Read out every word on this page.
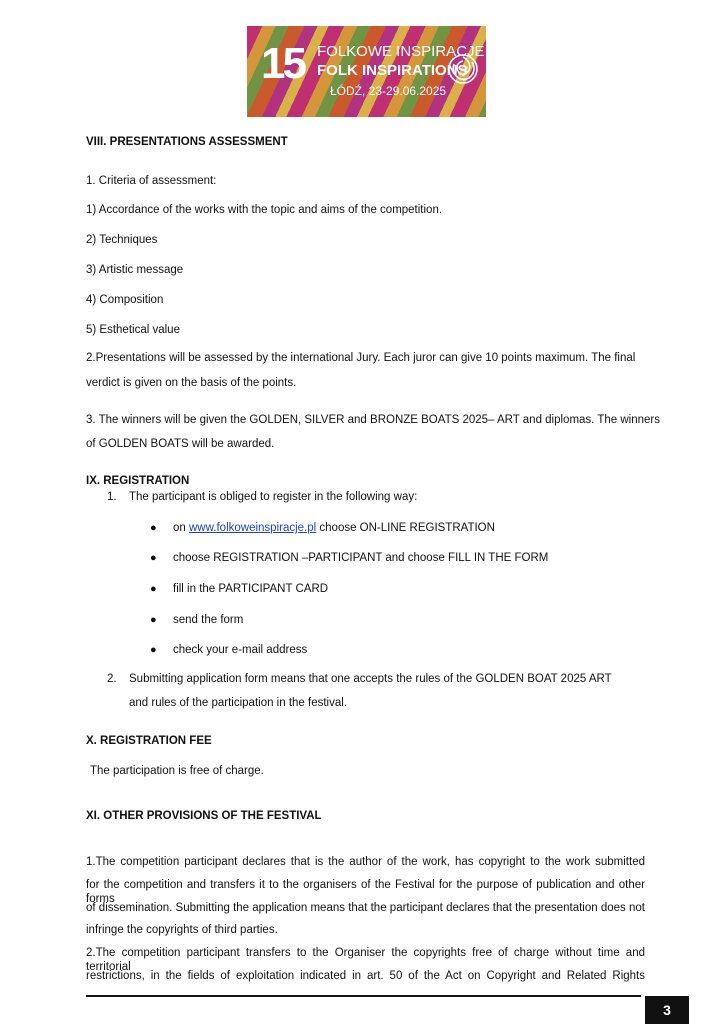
15 FOLKOWE INSPIRACJE
FOLK INSPIRATIONS
ŁÓDŹ, 23-29.06.2025
VIII. PRESENTATIONS ASSESSMENT
1. Criteria of assessment:
1) Accordance of the works with the topic and aims of the competition.
2) Techniques
3) Artistic message
4) Composition
5) Esthetical value
2.Presentations will be assessed by the international Jury. Each juror can give 10 points maximum. The final
verdict is given on the basis of the points.
3. The winners will be given the GOLDEN, SILVER and BRONZE BOATS 2025– ART and diplomas. The winners
of GOLDEN BOATS will be awarded.
IX. REGISTRATION
1. The participant is obliged to register in the following way:
● on www.folkoweinspiracje.pl choose ON-LINE REGISTRATION
● choose REGISTRATION –PARTICIPANT and choose FILL IN THE FORM
● fill in the PARTICIPANT CARD
● send the form
● check your e-mail address
2. Submitting application form means that one accepts the rules of the GOLDEN BOAT 2025 ART
and rules of the participation in the festival.
X. REGISTRATION FEE
The participation is free of charge.
XI. OTHER PROVISIONS OF THE FESTIVAL
1.The competition participant declares that is the author of the work, has copyright to the work submitted
for the competition and transfers it to the organisers of the Festival for the purpose of publication and other forms
of dissemination. Submitting the application means that the participant declares that the presentation does not
infringe the copyrights of third parties.
2.The competition participant transfers to the Organiser the copyrights free of charge without time and territorial
restrictions, in the fields of exploitation indicated in art. 50 of the Act on Copyright and Related Rights
3
